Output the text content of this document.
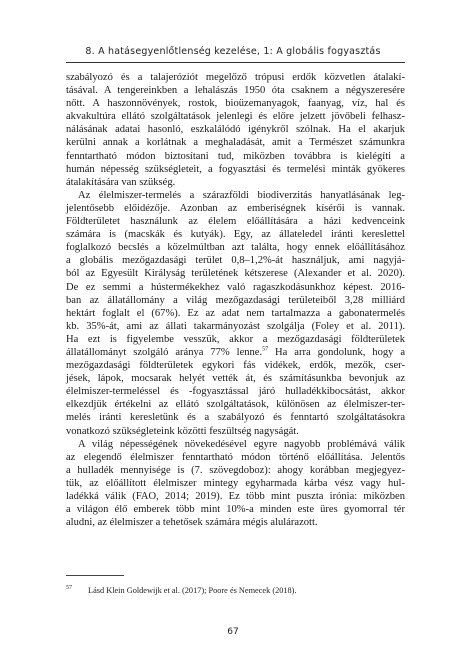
8. A hatásegyenlőtlenség kezelése, 1: A globális fogyasztás
szabályozó és a talajeróziót megelőző trópusi erdők közvetlen átalakí-
tásával. A tengereinkben a lehalászás 1950 óta csaknem a négyszeresére
nőtt. A haszonnövények, rostok, bioüzemanyagok, faanyag, víz, hal és
akvakultúra ellátó szolgáltatások jelenlegi és előre jelzett jövőbeli felhasz-
nálásának adatai hasonló, eszkalálódó igénykről szólnak. Ha el akarjuk
kerülni annak a korlátnak a meghaladását, amit a Természet számunkra
fenntartható módon biztosítani tud, miközben továbbra is kielégíti a
humán népesség szükségleteit, a fogyasztási és termelési minták gyökeres
átalakítására van szükség.
Az élelmiszer-termelés a szárazföldi biodiverzitás hanyatlásának leg-
jelentősebb előidézője. Azonban az emberiségnek kísérői is vannak.
Földterületet használunk az élelem előállítására a házi kedvenceink
számára is (macskák és kutyák). Egy, az állateledel iránti kereslettel
foglalkozó becslés a közelmúltban azt találta, hogy ennek előállításához
a globális mezőgazdasági terület 0,8–1,2%-át használjuk, ami nagyjá-
ból az Egyesült Királyság területének kétszerese (Alexander et al. 2020).
De ez semmi a hústermékekhez való ragaszkodásunkhoz képest. 2016-
ban az állatállomány a világ mezőgazdasági területeiből 3,28 milliárd
hektárt foglalt el (67%). Ez az adat nem tartalmazza a gabonatermelés
kb. 35%-át, ami az állati takarmányozást szolgálja (Foley et al. 2011).
Ha ezt is figyelembe vesszük, akkor a mezőgazdasági földterületek
állatállományt szolgáló aránya 77% lenne.$^{57}$ Ha arra gondolunk, hogy a
mezőgazdasági földterületek egykori fás vidékek, erdők, mezők, cser-
jések, lápok, mocsarak helyét vették át, és számításunkba bevonjuk az
élelmiszer-termeléssel és -fogyasztással járó hulladékkibocsátást, akkor
elkezdjük értékelni az ellátó szolgáltatások, különösen az élelmiszer-ter-
melés iránti keresletünk és a szabályozó és fenntartó szolgáltatásokra
vonatkozó szükségleteink közötti feszültség nagyságát.
A világ népességének növekedésével egyre nagyobb problémává válik
az elegendő élelmiszer fenntartható módon történő előállítása. Jelentős
a hulladék mennyisége is (7. szövegdoboz): ahogy korábban megjegyez-
tük, az előállított élelmiszer mintegy egyharmada kárba vész vagy hul-
ladékká válik (FAO, 2014; 2019). Ez több mint puszta irónia: miközben
a világon élő emberek több mint 10%-a minden este üres gyomorral tér
aludni, az élelmiszer a tehetősek számára mégis alulárazott.
57 Lásd Klein Goldewijk et al. (2017); Poore és Nemecek (2018).
67
